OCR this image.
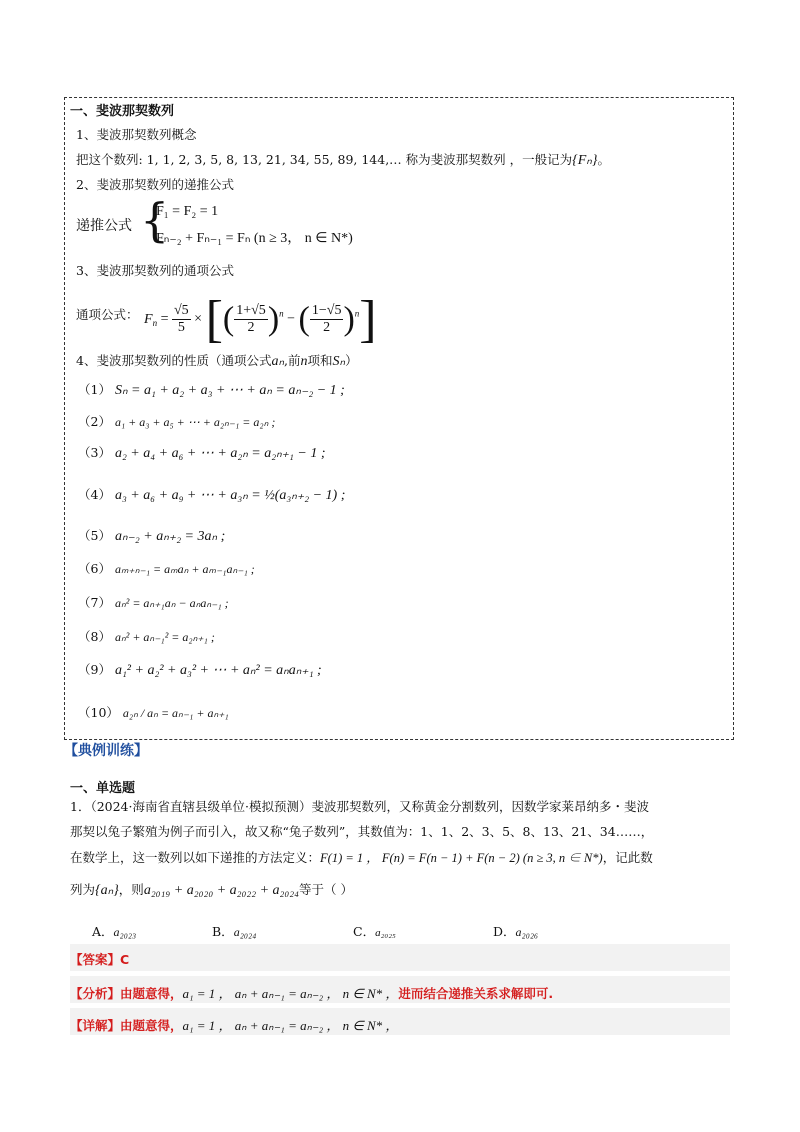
一、斐波那契数列
1、斐波那契数列概念
把这个数列: 1, 1, 2, 3, 5, 8, 13, 21, 34, 55, 89, 144,… 称为斐波那契数列 ，一般记为{Fₙ}。
2、斐波那契数列的递推公式
递推公式 {
F₁ = F₂ = 1
Fₙ₋₂ + Fₙ₋₁ = Fₙ (n ≥ 3， n ∈ N*)
3、斐波那契数列的通项公式
通项公式： $F_n = \frac{√5}{5}$ × [( $\frac{1+√5}{2} )^n$ − ( $\frac{1-√5}{2} )^n$]
4、斐波那契数列的性质（通项公式aₙ,前n项和Sₙ）
（1） Sₙ = a₁ + a₂ + a₃ + ⋯ + aₙ = aₙ₋₂ − 1 ;
（2） a₁ + a₃ + a₅ + ⋯ + a₂ₙ₋₁ = a₂ₙ ;
（3） a₂ + a₄ + a₆ + ⋯ + a₂ₙ = a₂ₙ₊₁ − 1 ;
（4） a₃ + a₆ + a₉ + ⋯ + a₃ₙ = ½(a₃ₙ₊₂ − 1) ;
（5） aₙ₋₂ + aₙ₊₂ = 3aₙ ;
（6） aₘ₊ₙ₋₁ = aₘaₙ + aₘ₋₁aₙ₋₁ ;
（7） aₙ² = aₙ₊₁aₙ − aₙaₙ₋₁ ;
（8） aₙ² + aₙ₋₁² = a₂ₙ₊₁ ;
（9） a₁² + a₂² + a₃² + ⋯ + aₙ² = aₙaₙ₊₁ ;
（10） a₂ₙ / aₙ = aₙ₋₁ + aₙ₊₁
【典例训练】
一、单选题
1．（2024·海南省直辖县级单位·模拟预测）斐波那契数列，又称黄金分割数列，因数学家莱昂纳多・斐波
那契以兔子繁殖为例子而引入，故又称“兔子数列”，其数值为：1、1、2、3、5、8、13、21、34……，
在数学上，这一数列以如下递推的方法定义：F(1) = 1 ， F(n) = F(n − 1) + F(n − 2) (n ≥ 3, n ∈ N*)，记此数
列为{aₙ}，则a₂₀₁₉ + a₂₀₂₀ + a₂₀₂₂ + a₂₀₂₄等于（ ）
A．a₂₀₂₃	B．a₂₀₂₄	C．a₂₀₂₅	D．a₂₀₂₆
【答案】C
【分析】由题意得，a₁ = 1 ， aₙ + aₙ₋₁ = aₙ₋₂ ， n ∈ N* ，进而结合递推关系求解即可.
【详解】由题意得，a₁ = 1 ， aₙ + aₙ₋₁ = aₙ₋₂ ， n ∈ N* ，
